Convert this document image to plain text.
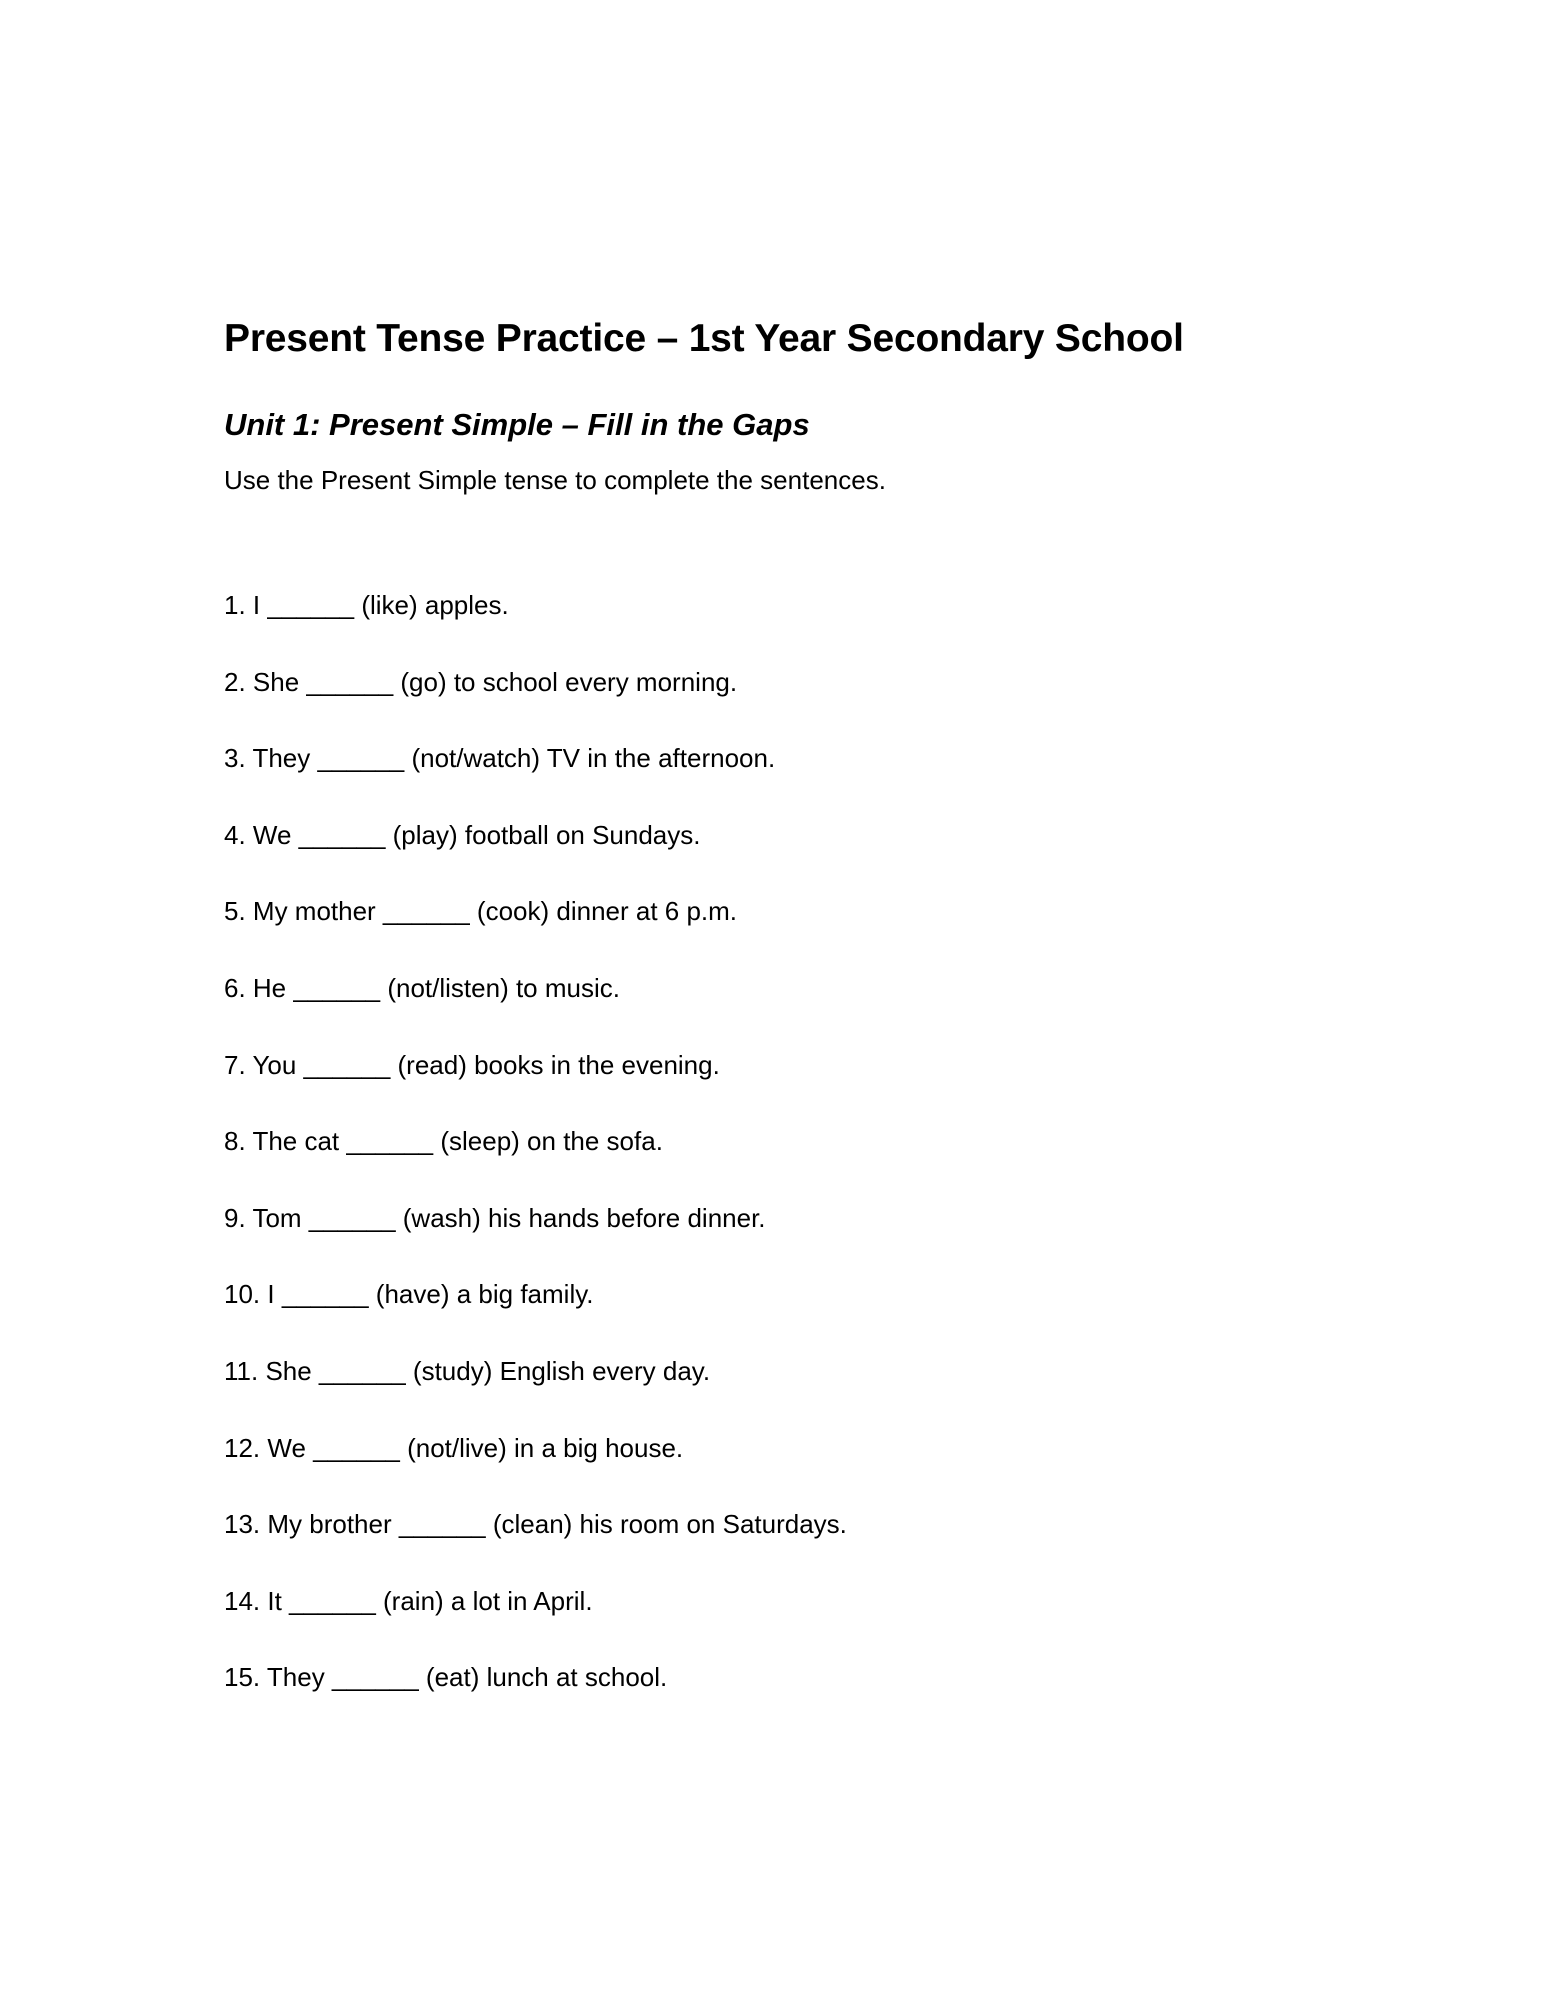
Present Tense Practice – 1st Year Secondary School
Unit 1: Present Simple – Fill in the Gaps

Use the Present Simple tense to complete the sentences.

1. I ______ (like) apples.
2. She ______ (go) to school every morning.
3. They ______ (not/watch) TV in the afternoon.
4. We ______ (play) football on Sundays.
5. My mother ______ (cook) dinner at 6 p.m.
6. He ______ (not/listen) to music.
7. You ______ (read) books in the evening.
8. The cat ______ (sleep) on the sofa.
9. Tom ______ (wash) his hands before dinner.
10. I ______ (have) a big family.
11. She ______ (study) English every day.
12. We ______ (not/live) in a big house.
13. My brother ______ (clean) his room on Saturdays.
14. It ______ (rain) a lot in April.
15. They ______ (eat) lunch at school.
